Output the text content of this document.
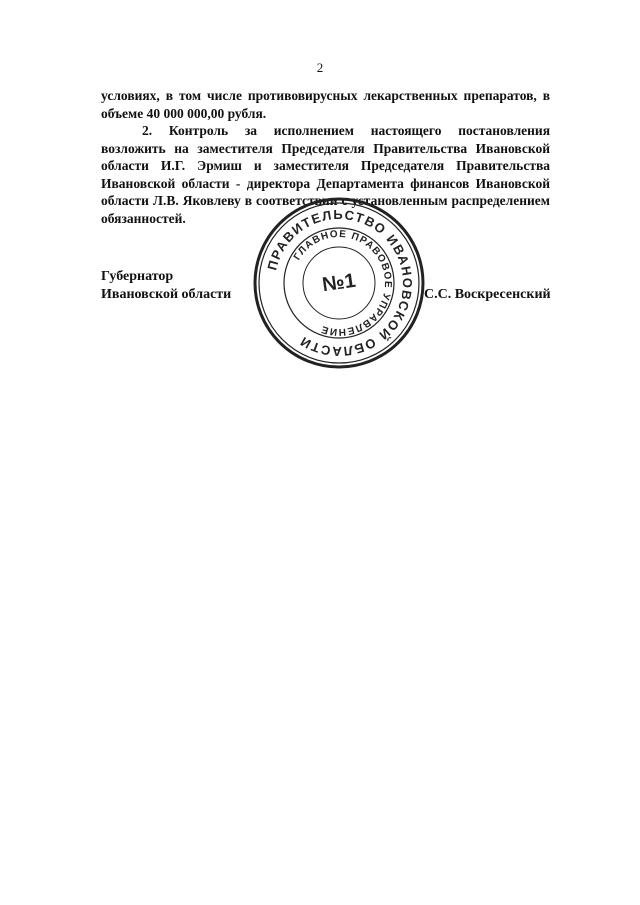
2

условиях, в том числе противовирусных лекарственных препаратов, в объеме 40 000 000,00 рубля.

2. Контроль за исполнением настоящего постановления возложить на заместителя Председателя Правительства Ивановской области И.Г. Эрмиш и заместителя Председателя Правительства Ивановской области - директора Департамента финансов Ивановской области Л.В. Яковлеву в соответствии с установленным распределением обязанностей.

Губернатор
Ивановской области
ПРАВИТЕЛЬСТВО ИВАНОВСКОЙ ОБЛАСТИ
ГЛАВНОЕ ПРАВОВОЕ УПРАВЛЕНИЕ
№1	С.С. Воскресенский
